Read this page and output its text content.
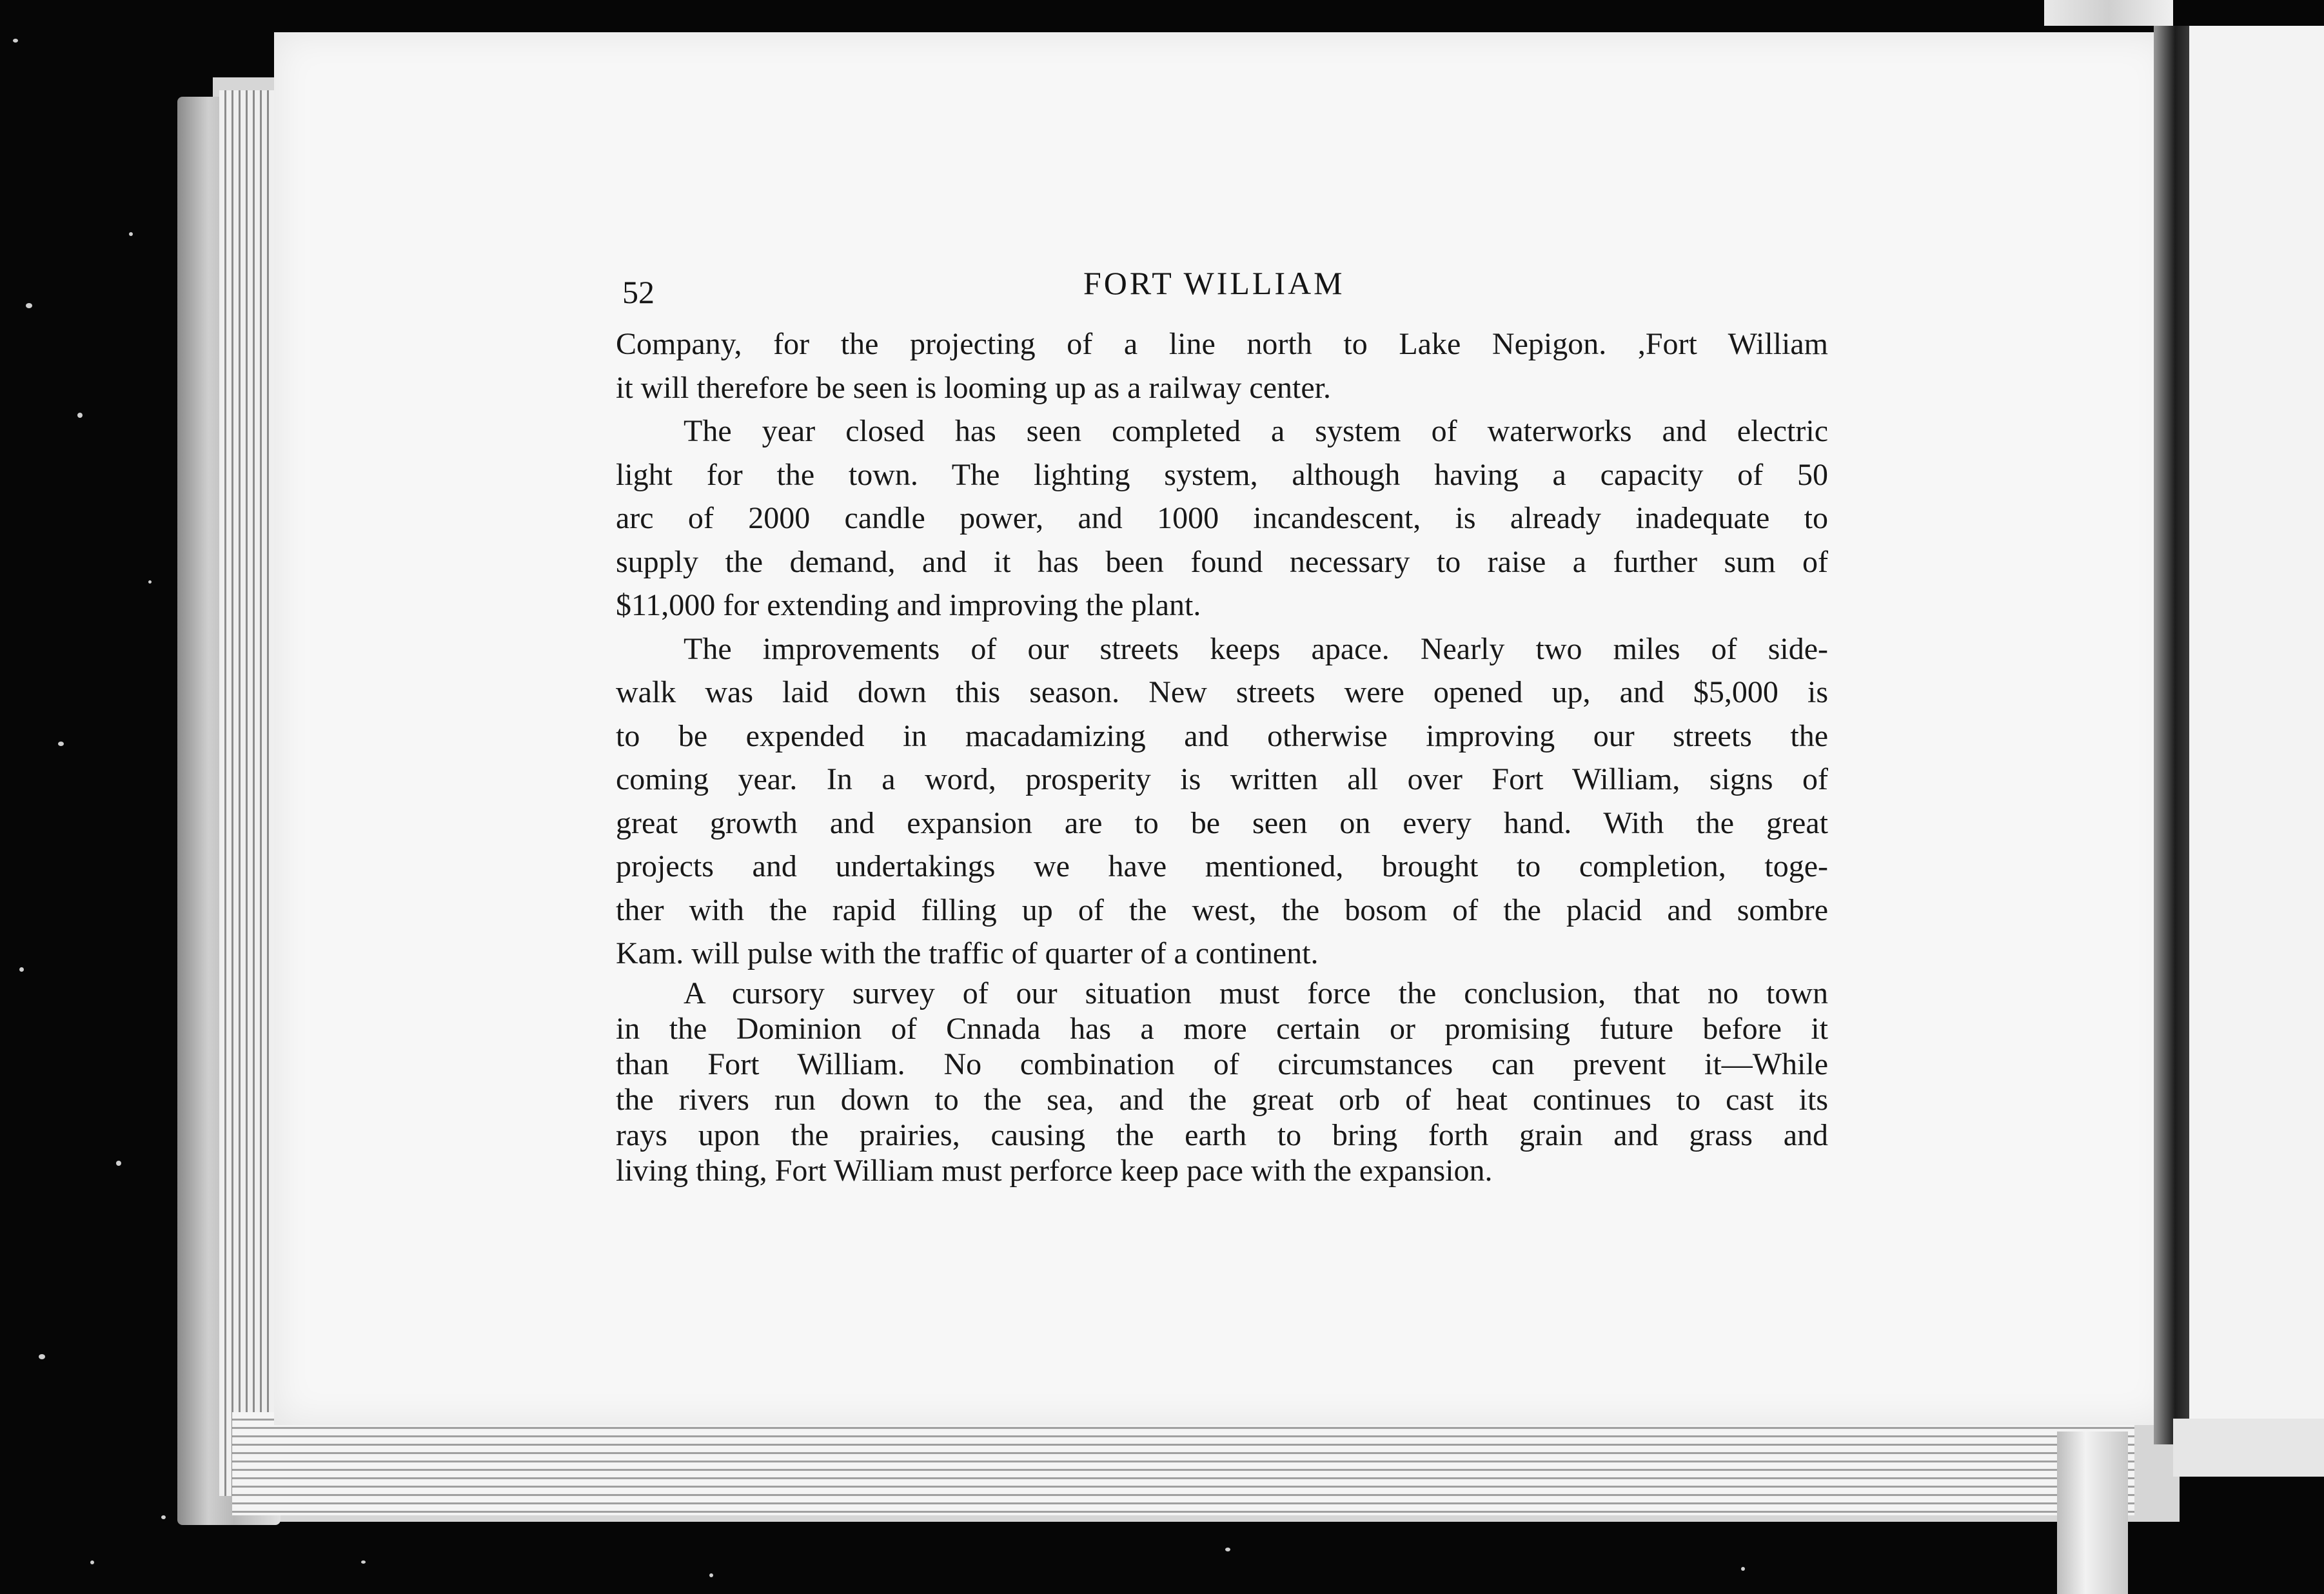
52	FORT WILLIAM
Company, for the projecting of a line north to Lake Nepigon. ,Fort William
it will therefore be seen is looming up as a railway center.
The year closed has seen completed a system of waterworks and electric
light for the town. The lighting system, although having a capacity of 50
arc of 2000 candle power, and 1000 incandescent, is already inadequate to
supply the demand, and it has been found necessary to raise a further sum of
$11,000 for extending and improving the plant.
The improvements of our streets keeps apace. Nearly two miles of side-
walk was laid down this season. New streets were opened up, and $5,000 is
to be expended in macadamizing and otherwise improving our streets the
coming year. In a word, prosperity is written all over Fort William, signs of
great growth and expansion are to be seen on every hand. With the great
projects and undertakings we have mentioned, brought to completion, toge-
ther with the rapid filling up of the west, the bosom of the placid and sombre
Kam. will pulse with the traffic of quarter of a continent.
A cursory survey of our situation must force the conclusion, that no town
in the Dominion of Cnnada has a more certain or promising future before it
than Fort William. No combination of circumstances can prevent it—While
the rivers run down to the sea, and the great orb of heat continues to cast its
rays upon the prairies, causing the earth to bring forth grain and grass and
living thing, Fort William must perforce keep pace with the expansion.
